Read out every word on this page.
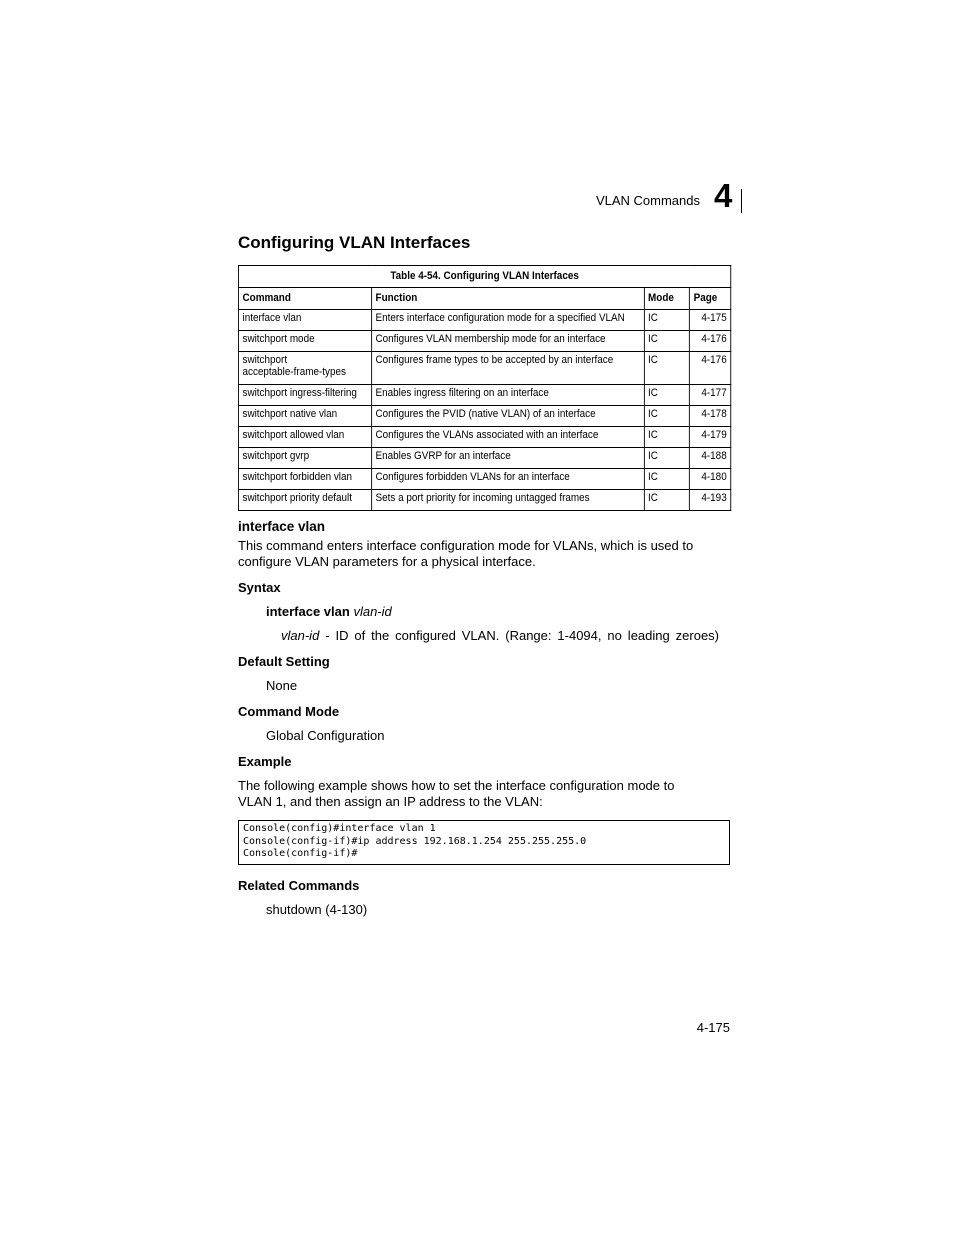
VLAN Commands 4
Configuring VLAN Interfaces
Table 4-54. Configuring VLAN Interfaces			
Command	Function	Mode	Page
interface vlan	Enters interface configuration mode for a specified VLAN	IC	4-175
switchport mode	Configures VLAN membership mode for an interface	IC	4-176
switchport
acceptable-frame-types	Configures frame types to be accepted by an interface	IC	4-176
switchport ingress-filtering	Enables ingress filtering on an interface	IC	4-177
switchport native vlan	Configures the PVID (native VLAN) of an interface	IC	4-178
switchport allowed vlan	Configures the VLANs associated with an interface	IC	4-179
switchport gvrp	Enables GVRP for an interface	IC	4-188
switchport forbidden vlan	Configures forbidden VLANs for an interface	IC	4-180
switchport priority default	Sets a port priority for incoming untagged frames	IC	4-193
interface vlan
This command enters interface configuration mode for VLANs, which is used to configure VLAN parameters for a physical interface.
Syntax
interface vlan vlan-id
vlan-id - ID of the configured VLAN. (Range: 1-4094, no leading zeroes)
Default Setting
None
Command Mode
Global Configuration
Example
The following example shows how to set the interface configuration mode to VLAN 1, and then assign an IP address to the VLAN:
Console(config)#interface vlan 1
Console(config-if)#ip address 192.168.1.254 255.255.255.0
Console(config-if)#
Related Commands
shutdown (4-130)
4-175
